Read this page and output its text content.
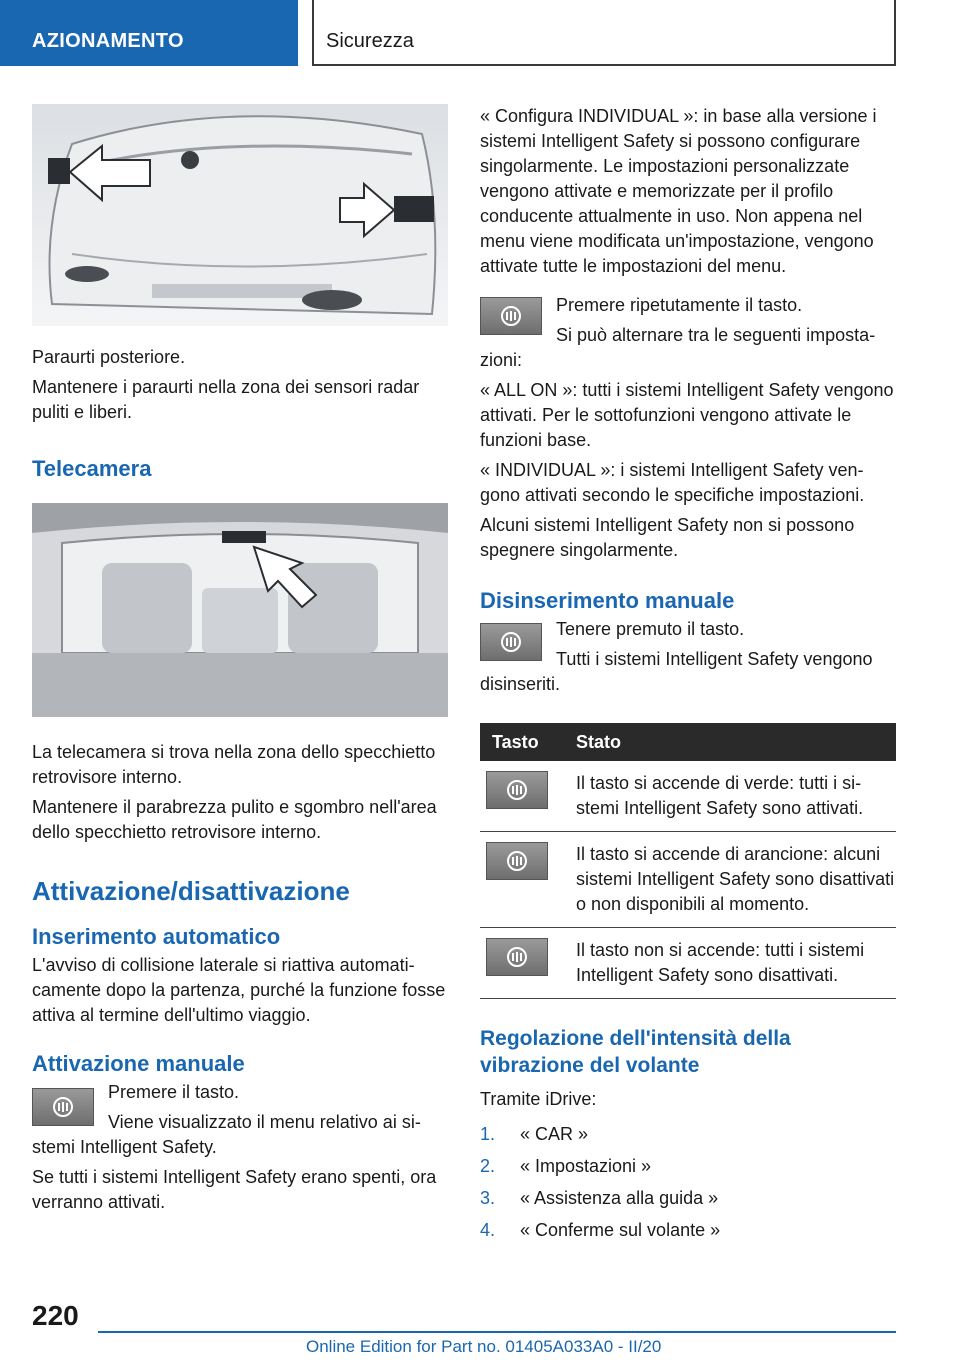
AZIONAMENTO	Sicurezza

Paraurti posteriore.

Mantenere i paraurti nella zona dei sensori radar puliti e liberi.

Telecamera

La telecamera si trova nella zona dello specchietto retrovisore interno.

Mantenere il parabrezza pulito e sgombro nell'area dello specchietto retrovisore interno.

Attivazione/disattivazione
Inserimento automatico

L'avviso di collisione laterale si riattiva automaticamente dopo la partenza, purché la funzione fosse attiva al termine dell'ultimo viaggio.

Attivazione manuale

Premere il tasto.

Viene visualizzato il menu relativo ai sistemi Intelligent Safety.

Se tutti i sistemi Intelligent Safety erano spenti, ora verranno attivati.

« Configura INDIVIDUAL »: in base alla versione i sistemi Intelligent Safety si possono configurare singolarmente. Le impostazioni personalizzate vengono attivate e memorizzate per il profilo conducente attualmente in uso. Non appena nel menu viene modificata un'impostazione, vengono attivate tutte le impostazioni del menu.

Premere ripetutamente il tasto.

Si può alternare tra le seguenti impostazioni:

« ALL ON »: tutti i sistemi Intelligent Safety vengono attivati. Per le sottofunzioni vengono attivate le funzioni base.

« INDIVIDUAL »: i sistemi Intelligent Safety vengono attivati secondo le specifiche impostazioni.

Alcuni sistemi Intelligent Safety non si possono spegnere singolarmente.

Disinserimento manuale

Tenere premuto il tasto.

Tutti i sistemi Intelligent Safety vengono disinseriti.

Tasto	Stato

	Il tasto si accende di verde: tutti i sistemi Intelligent Safety sono attivati.

	Il tasto si accende di arancione: alcuni sistemi Intelligent Safety sono disattivati o non disponibili al momento.

	Il tasto non si accende: tutti i sistemi Intelligent Safety sono disattivati.
Regolazione dell'intensità della vibrazione del volante

Tramite iDrive:

1. « CAR »
2. « Impostazioni »
3. « Assistenza alla guida »
4. « Conferme sul volante »
220
Online Edition for Part no. 01405A033A0 - II/20
